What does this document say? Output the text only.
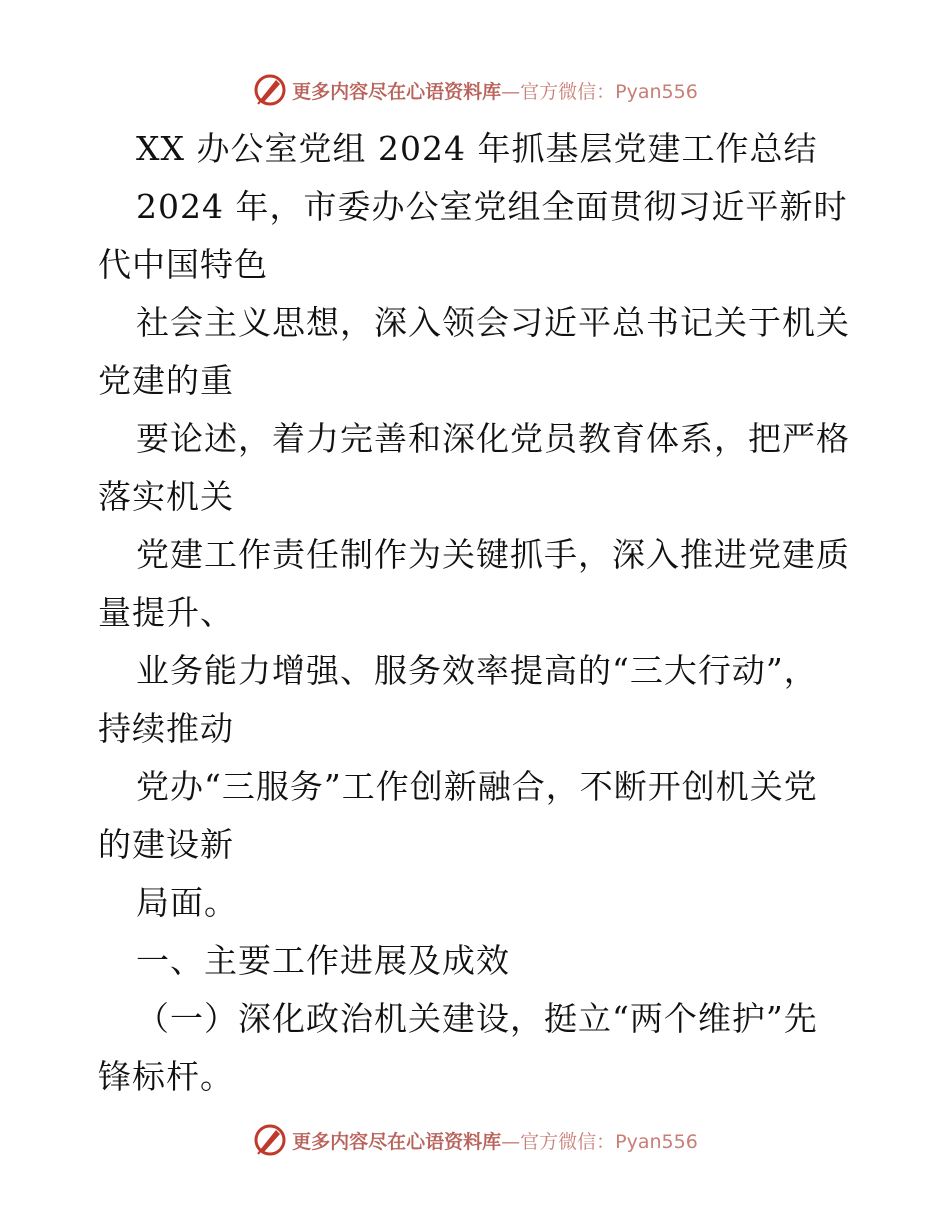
更多内容尽在心语资料库 —官方微信：Pyan556
XX 办公室党组 2024 年抓基层党建工作总结
2024 年，市委办公室党组全面贯彻习近平新时
代中国特色
社会主义思想，深入领会习近平总书记关于机关
党建的重
要论述，着力完善和深化党员教育体系，把严格
落实机关
党建工作责任制作为关键抓手，深入推进党建质
量提升、
业务能力增强、服务效率提高的“三大行动”，
持续推动
党办“三服务”工作创新融合，不断开创机关党
的建设新
局面。
一、主要工作进展及成效
（一）深化政治机关建设，挺立“两个维护”先
锋标杆。
更多内容尽在心语资料库 —官方微信：Pyan556
